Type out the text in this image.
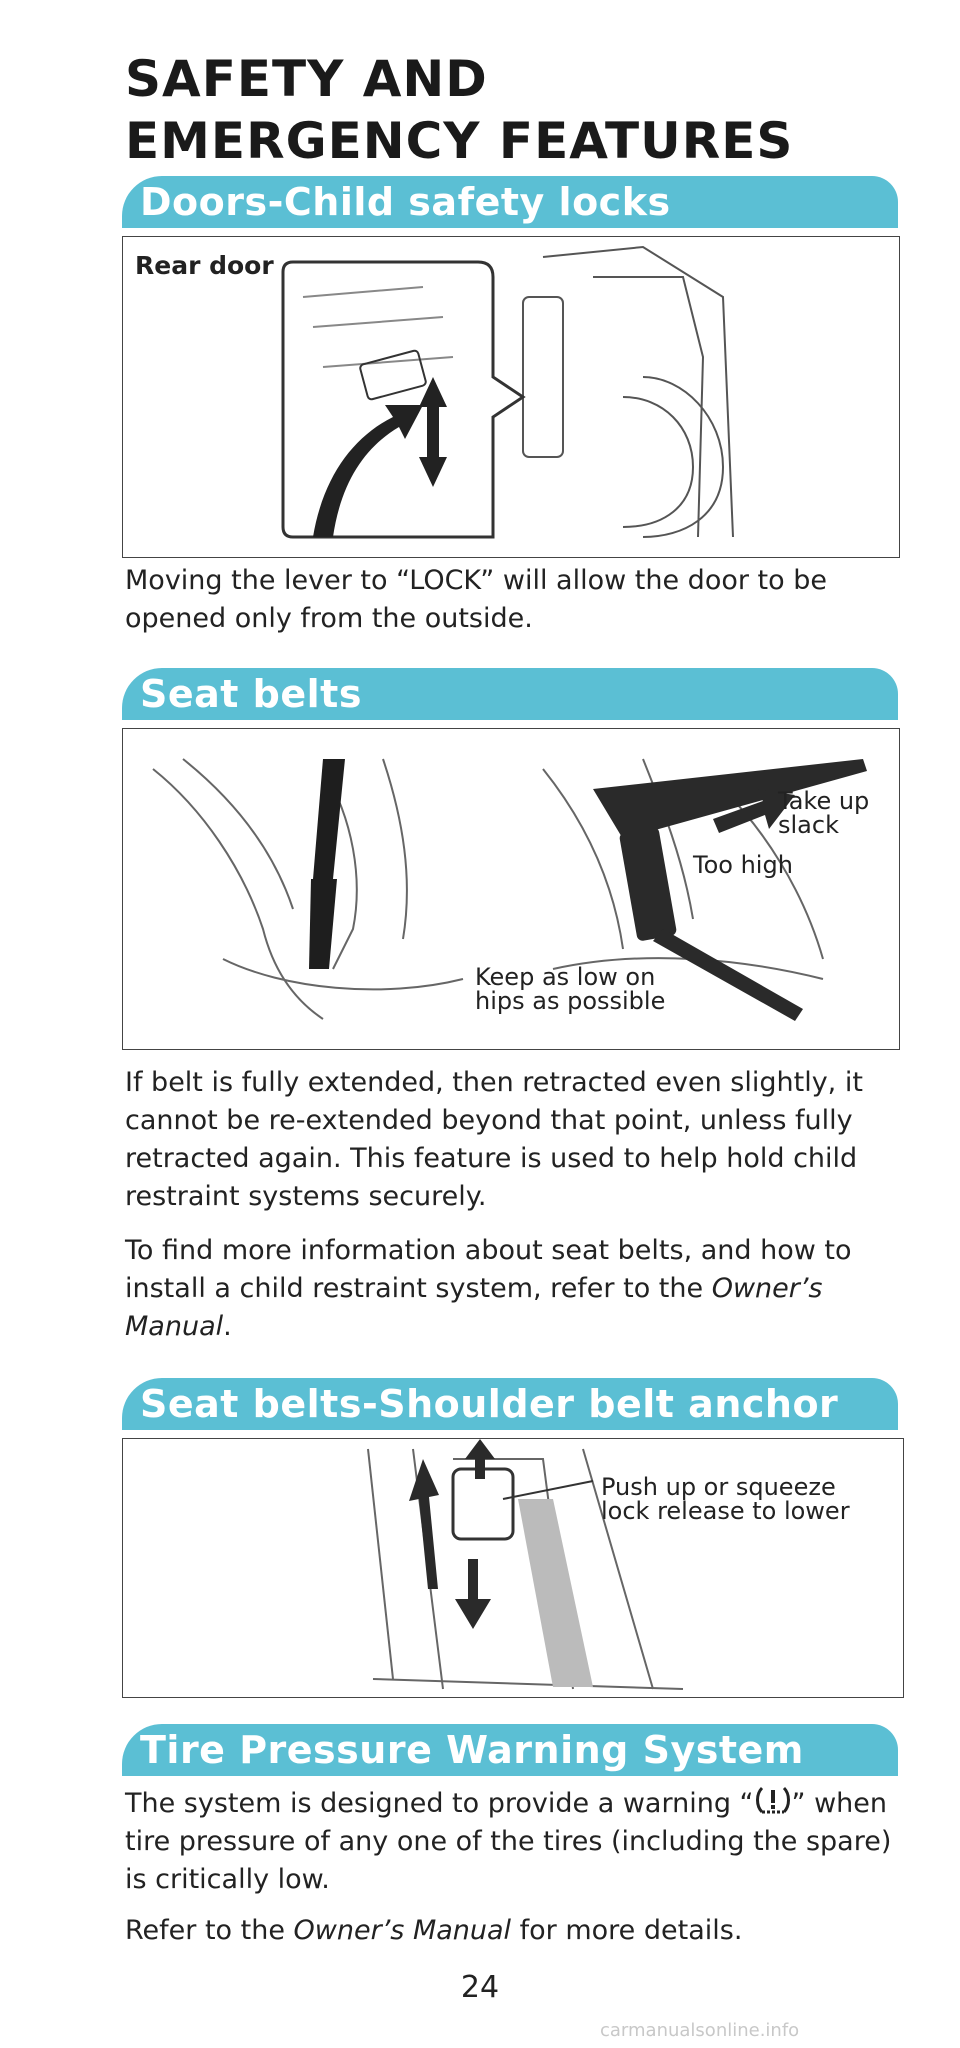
SAFETY AND
EMERGENCY FEATURES
Doors-Child safety locks
Rear door

Moving the lever to “LOCK” will allow the door to be opened only from the outside.

Seat belts
Take up
slack
Too high
Keep as low on
hips as possible

If belt is fully extended, then retracted even slightly, it cannot be re-extended beyond that point, unless fully retracted again. This feature is used to help hold child restraint systems securely.

To find more information about seat belts, and how to install a child restraint system, refer to the Owner’s Manual.

Seat belts-Shoulder belt anchor
Push up or squeeze
lock release to lower
Tire Pressure Warning System

The system is designed to provide a warning “ ” when tire pressure of any one of the tires (including the spare) is critically low.

Refer to the Owner’s Manual for more details.

24
carmanualsonline.info
